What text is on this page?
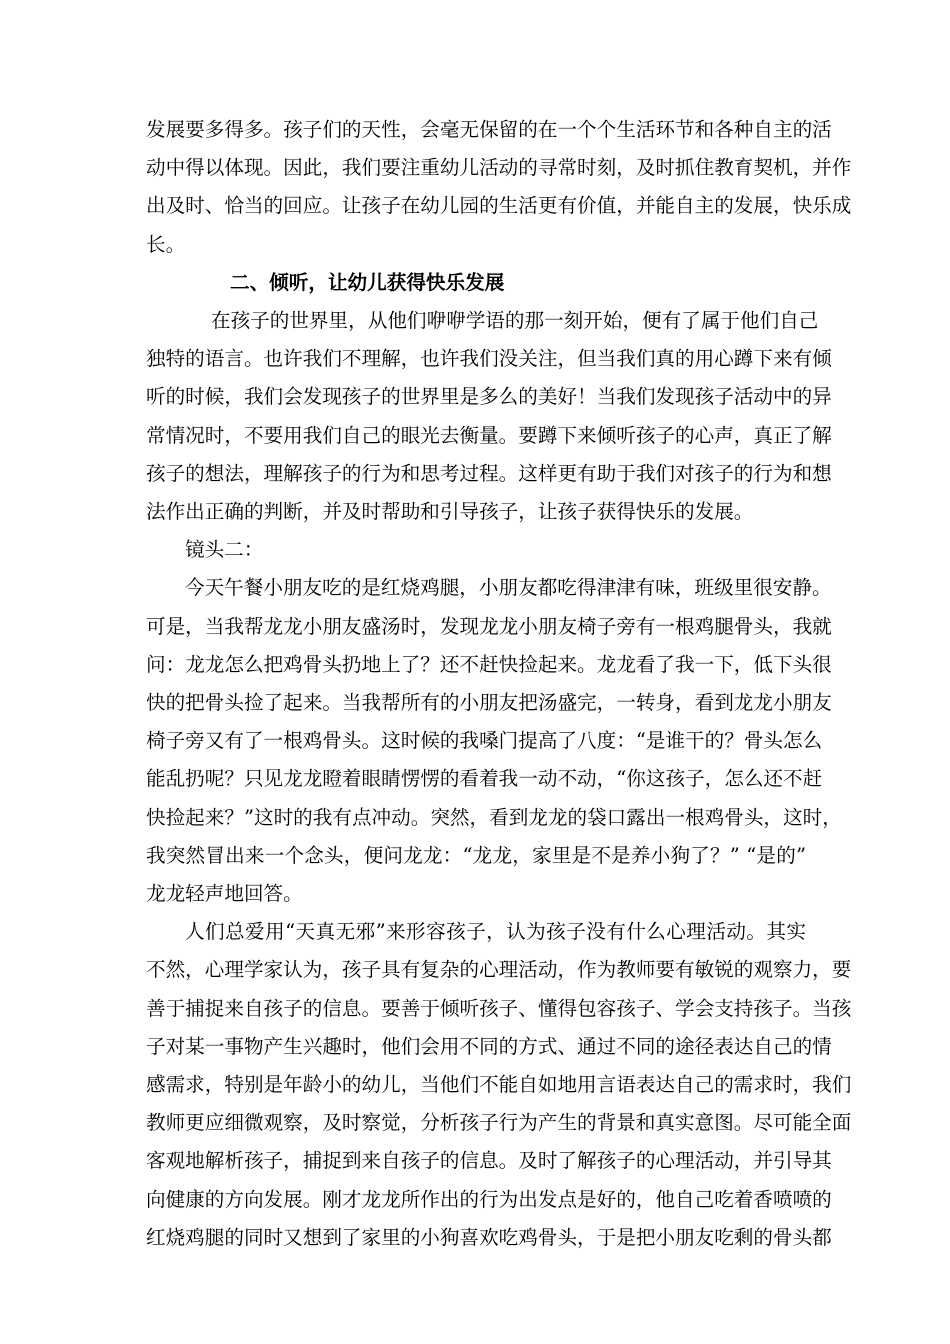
发展要多得多。孩子们的天性，会毫无保留的在一个个生活环节和各种自主的活
动中得以体现。因此，我们要注重幼儿活动的寻常时刻，及时抓住教育契机，并作
出及时、恰当的回应。让孩子在幼儿园的生活更有价值，并能自主的发展，快乐成
长。
二、倾听，让幼儿获得快乐发展
在孩子的世界里，从他们咿咿学语的那一刻开始，便有了属于他们自己
独特的语言。也许我们不理解，也许我们没关注，但当我们真的用心蹲下来有倾
听的时候，我们会发现孩子的世界里是多么的美好！当我们发现孩子活动中的异
常情况时，不要用我们自己的眼光去衡量。要蹲下来倾听孩子的心声，真正了解
孩子的想法，理解孩子的行为和思考过程。这样更有助于我们对孩子的行为和想
法作出正确的判断，并及时帮助和引导孩子，让孩子获得快乐的发展。
镜头二：
今天午餐小朋友吃的是红烧鸡腿，小朋友都吃得津津有味，班级里很安静。
可是，当我帮龙龙小朋友盛汤时，发现龙龙小朋友椅子旁有一根鸡腿骨头，我就
问：龙龙怎么把鸡骨头扔地上了？还不赶快捡起来。龙龙看了我一下，低下头很
快的把骨头捡了起来。当我帮所有的小朋友把汤盛完，一转身，看到龙龙小朋友
椅子旁又有了一根鸡骨头。这时候的我嗓门提高了八度：“是谁干的？骨头怎么
能乱扔呢？只见龙龙瞪着眼睛愣愣的看着我一动不动，“你这孩子，怎么还不赶
快捡起来？”这时的我有点冲动。突然，看到龙龙的袋口露出一根鸡骨头，这时，
我突然冒出来一个念头，便问龙龙：“龙龙，家里是不是养小狗了？” “是的”
龙龙轻声地回答。
人们总爱用“天真无邪”来形容孩子，认为孩子没有什么心理活动。其实
不然，心理学家认为，孩子具有复杂的心理活动，作为教师要有敏锐的观察力，要
善于捕捉来自孩子的信息。要善于倾听孩子、懂得包容孩子、学会支持孩子。当孩
子对某一事物产生兴趣时，他们会用不同的方式、通过不同的途径表达自己的情
感需求，特别是年龄小的幼儿，当他们不能自如地用言语表达自己的需求时，我们
教师更应细微观察，及时察觉，分析孩子行为产生的背景和真实意图。尽可能全面
客观地解析孩子，捕捉到来自孩子的信息。及时了解孩子的心理活动，并引导其
向健康的方向发展。刚才龙龙所作出的行为出发点是好的，他自己吃着香喷喷的
红烧鸡腿的同时又想到了家里的小狗喜欢吃鸡骨头，于是把小朋友吃剩的骨头都
